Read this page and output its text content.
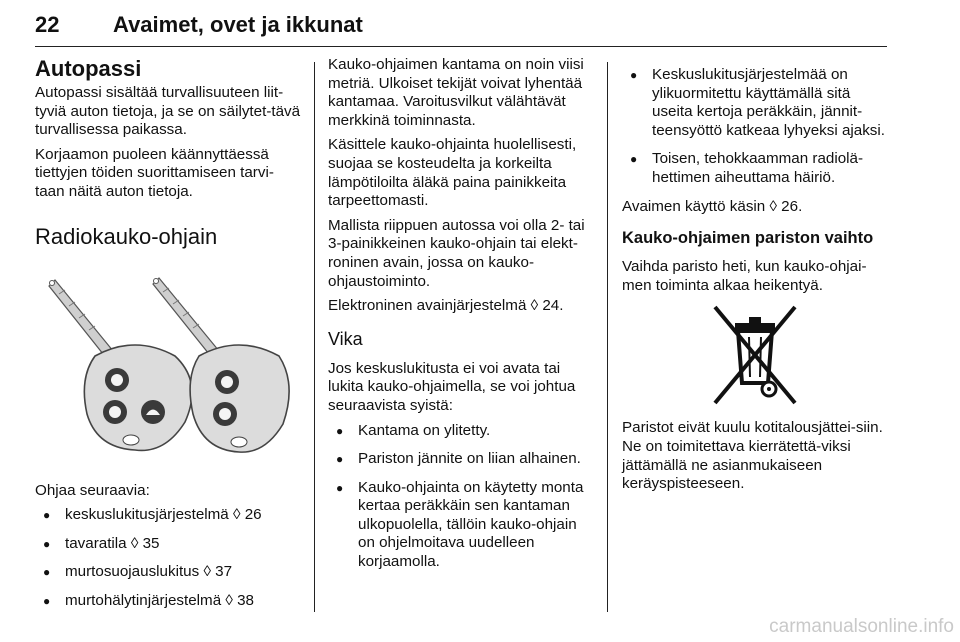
22 Avaimet, ovet ja ikkunat
Autopassi

Autopassi sisältää turvallisuuteen liit-tyviä auton tietoja, ja se on säilytet-tävä turvallisessa paikassa.

Korjaamon puoleen käännyttäessä tiettyjen töiden suorittamiseen tarvi-taan näitä auton tietoja.

Radiokauko-ohjain

Ohjaa seuraavia:

● keskuslukitusjärjestelmä ◊ 26
● tavaratila ◊ 35
● murtosuojauslukitus ◊ 37
● murtohälytinjärjestelmä ◊ 38

Kauko-ohjaimen kantama on noin viisi metriä. Ulkoiset tekijät voivat lyhentää kantamaa. Varoitusvilkut välähtävät merkkinä toiminnasta.

Käsittele kauko-ohjainta huolellisesti, suojaa se kosteudelta ja korkeilta lämpötiloilta äläkä paina painikkeita tarpeettomasti.

Mallista riippuen autossa voi olla 2- tai 3-painikkeinen kauko-ohjain tai elekt-roninen avain, jossa on kauko-ohjaustoiminto.

Elektroninen avainjärjestelmä ◊ 24.

Vika

Jos keskuslukitusta ei voi avata tai lukita kauko-ohjaimella, se voi johtua seuraavista syistä:

● Kantama on ylitetty.
● Pariston jännite on liian alhainen.
● Kauko-ohjainta on käytetty monta kertaa peräkkäin sen kantaman ulkopuolella, tällöin kauko-ohjain on ohjelmoitava uudelleen korjaamolla.
● Keskuslukitusjärjestelmää on ylikuormitettu käyttämällä sitä useita kertoja peräkkäin, jännit-teensyöttö katkeaa lyhyeksi ajaksi.
● Toisen, tehokkaamman radiolä-hettimen aiheuttama häiriö.

Avaimen käyttö käsin ◊ 26.

Kauko-ohjaimen pariston vaihto

Vaihda paristo heti, kun kauko-ohjai-men toiminta alkaa heikentyä.

Paristot eivät kuulu kotitalousjättei-siin. Ne on toimitettava kierrätettä-viksi jättämällä ne asianmukaiseen keräyspisteeseen.

carmanualsonline.info
